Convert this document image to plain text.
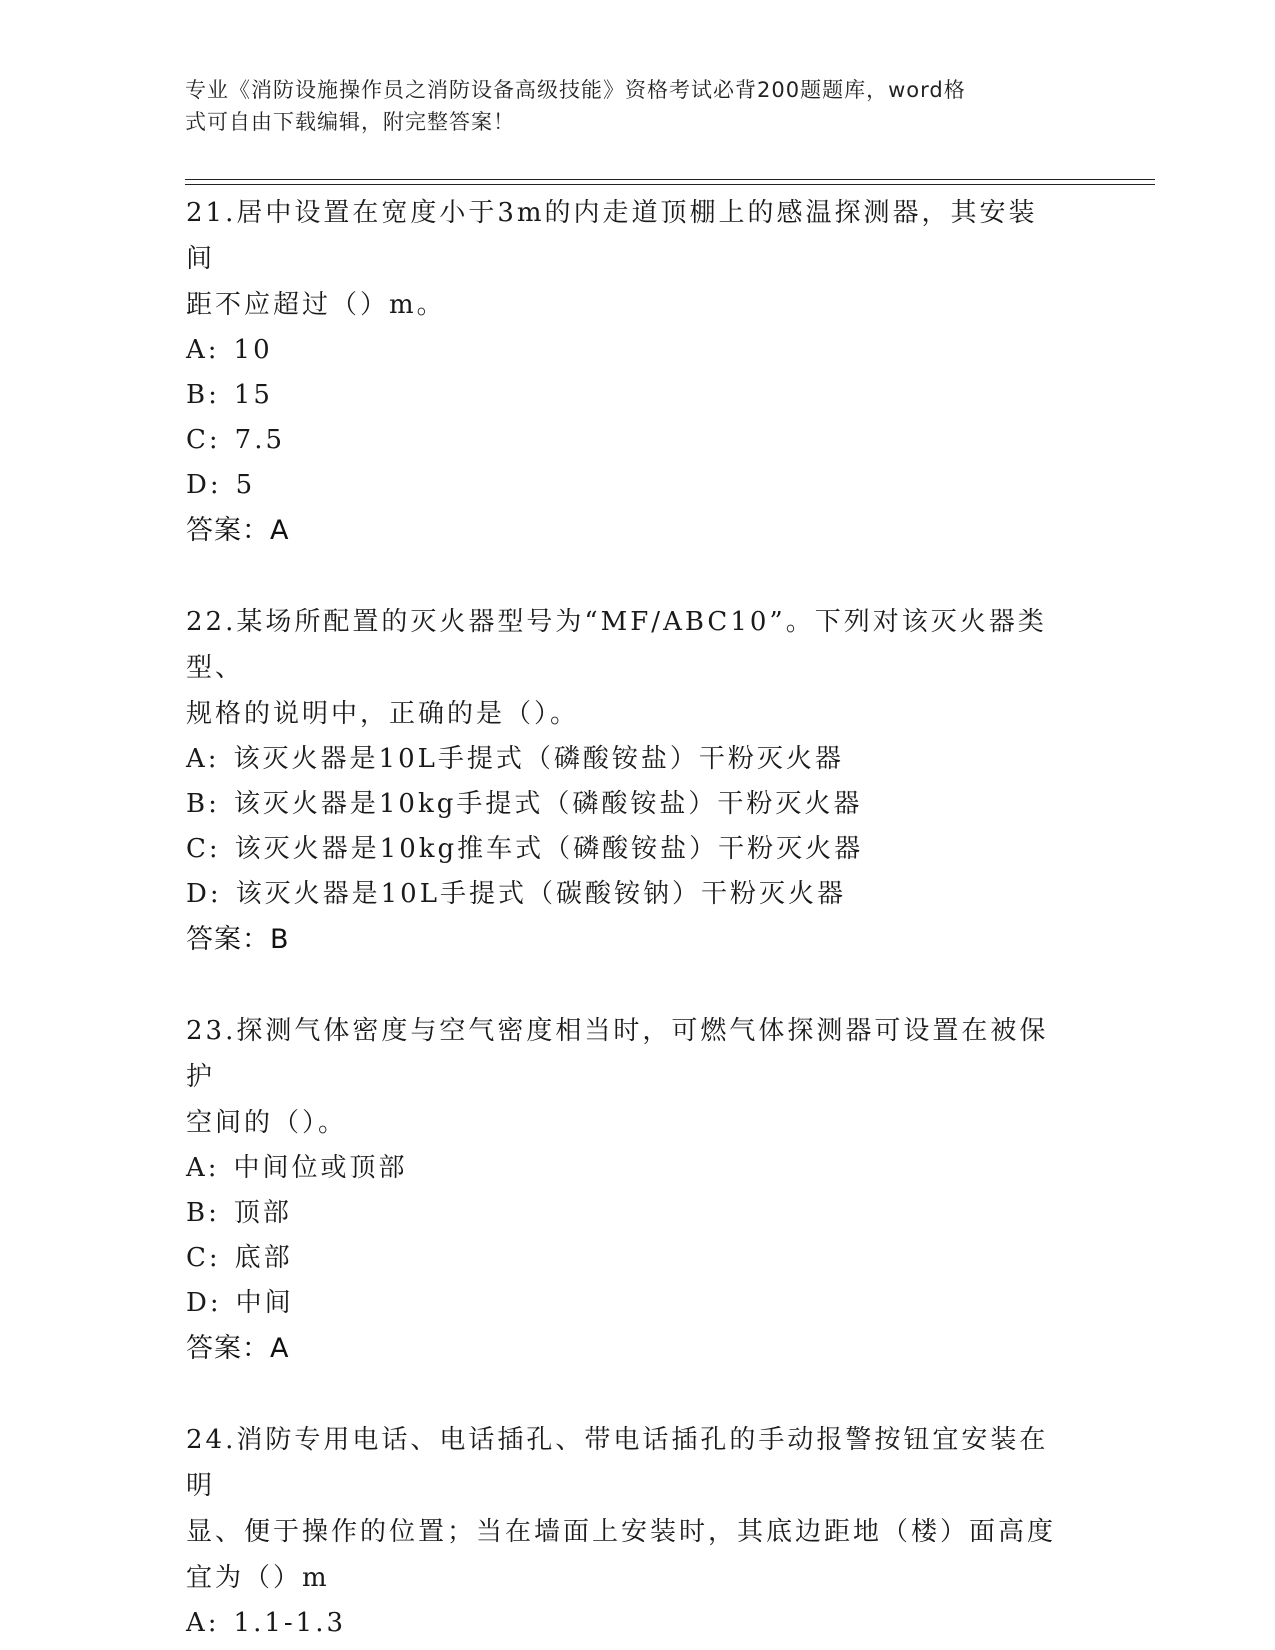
专业《消防设施操作员之消防设备高级技能》资格考试必背200题题库，word格
式可自由下载编辑，附完整答案！
21.居中设置在宽度小于3m的内走道顶棚上的感温探测器，其安装间
距不应超过（）m。
A: 10
B: 15
C: 7.5
D: 5
答案：A
22.某场所配置的灭火器型号为“MF/ABC10”。下列对该灭火器类型、
规格的说明中，正确的是（）。
A: 该灭火器是10L手提式（磷酸铵盐）干粉灭火器
B: 该灭火器是10kg手提式（磷酸铵盐）干粉灭火器
C: 该灭火器是10kg推车式（磷酸铵盐）干粉灭火器
D: 该灭火器是10L手提式（碳酸铵钠）干粉灭火器
答案：B
23.探测气体密度与空气密度相当时，可燃气体探测器可设置在被保护
空间的（）。
A: 中间位或顶部
B: 顶部
C: 底部
D: 中间
答案：A
24.消防专用电话、电话插孔、带电话插孔的手动报警按钮宜安装在明
显、便于操作的位置；当在墙面上安装时，其底边距地（楼）面高度
宜为（）m
A: 1.1-1.3
